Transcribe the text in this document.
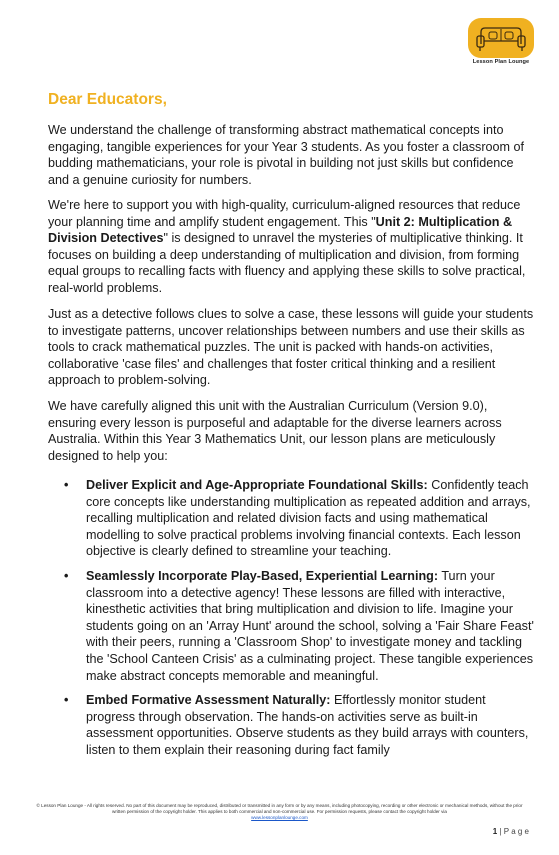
Lesson Plan Lounge
Dear Educators,

We understand the challenge of transforming abstract mathematical concepts into engaging, tangible experiences for your Year 3 students. As you foster a classroom of budding mathematicians, your role is pivotal in building not just skills but confidence and a genuine curiosity for numbers.

We're here to support you with high-quality, curriculum-aligned resources that reduce your planning time and amplify student engagement. This "Unit 2: Multiplication & Division Detectives" is designed to unravel the mysteries of multiplicative thinking. It focuses on building a deep understanding of multiplication and division, from forming equal groups to recalling facts with fluency and applying these skills to solve practical, real-world problems.

Just as a detective follows clues to solve a case, these lessons will guide your students to investigate patterns, uncover relationships between numbers and use their skills as tools to crack mathematical puzzles. The unit is packed with hands-on activities, collaborative 'case files' and challenges that foster critical thinking and a resilient approach to problem-solving.

We have carefully aligned this unit with the Australian Curriculum (Version 9.0), ensuring every lesson is purposeful and adaptable for the diverse learners across Australia. Within this Year 3 Mathematics Unit, our lesson plans are meticulously designed to help you:

• Deliver Explicit and Age-Appropriate Foundational Skills: Confidently teach core concepts like understanding multiplication as repeated addition and arrays, recalling multiplication and related division facts and using mathematical modelling to solve practical problems involving financial contexts. Each lesson objective is clearly defined to streamline your teaching.
• Seamlessly Incorporate Play-Based, Experiential Learning: Turn your classroom into a detective agency! These lessons are filled with interactive, kinesthetic activities that bring multiplication and division to life. Imagine your students going on an 'Array Hunt' around the school, solving a 'Fair Share Feast' with their peers, running a 'Classroom Shop' to investigate money and tackling the 'School Canteen Crisis' as a culminating project. These tangible experiences make abstract concepts memorable and meaningful.
• Embed Formative Assessment Naturally: Effortlessly monitor student progress through observation. The hands-on activities serve as built-in assessment opportunities. Observe students as they build arrays with counters, listen to them explain their reasoning during fact family
© Lesson Plan Lounge - All rights reserved. No part of this document may be reproduced, distributed or transmitted in any form or by any means, including photocopying, recording or other electronic or mechanical methods, without the prior written permission of the copyright holder. This applies to both commercial and non-commercial use. For permission requests, please contact the copyright holder via
www.lessonplanlounge.com
1 | P a g e
